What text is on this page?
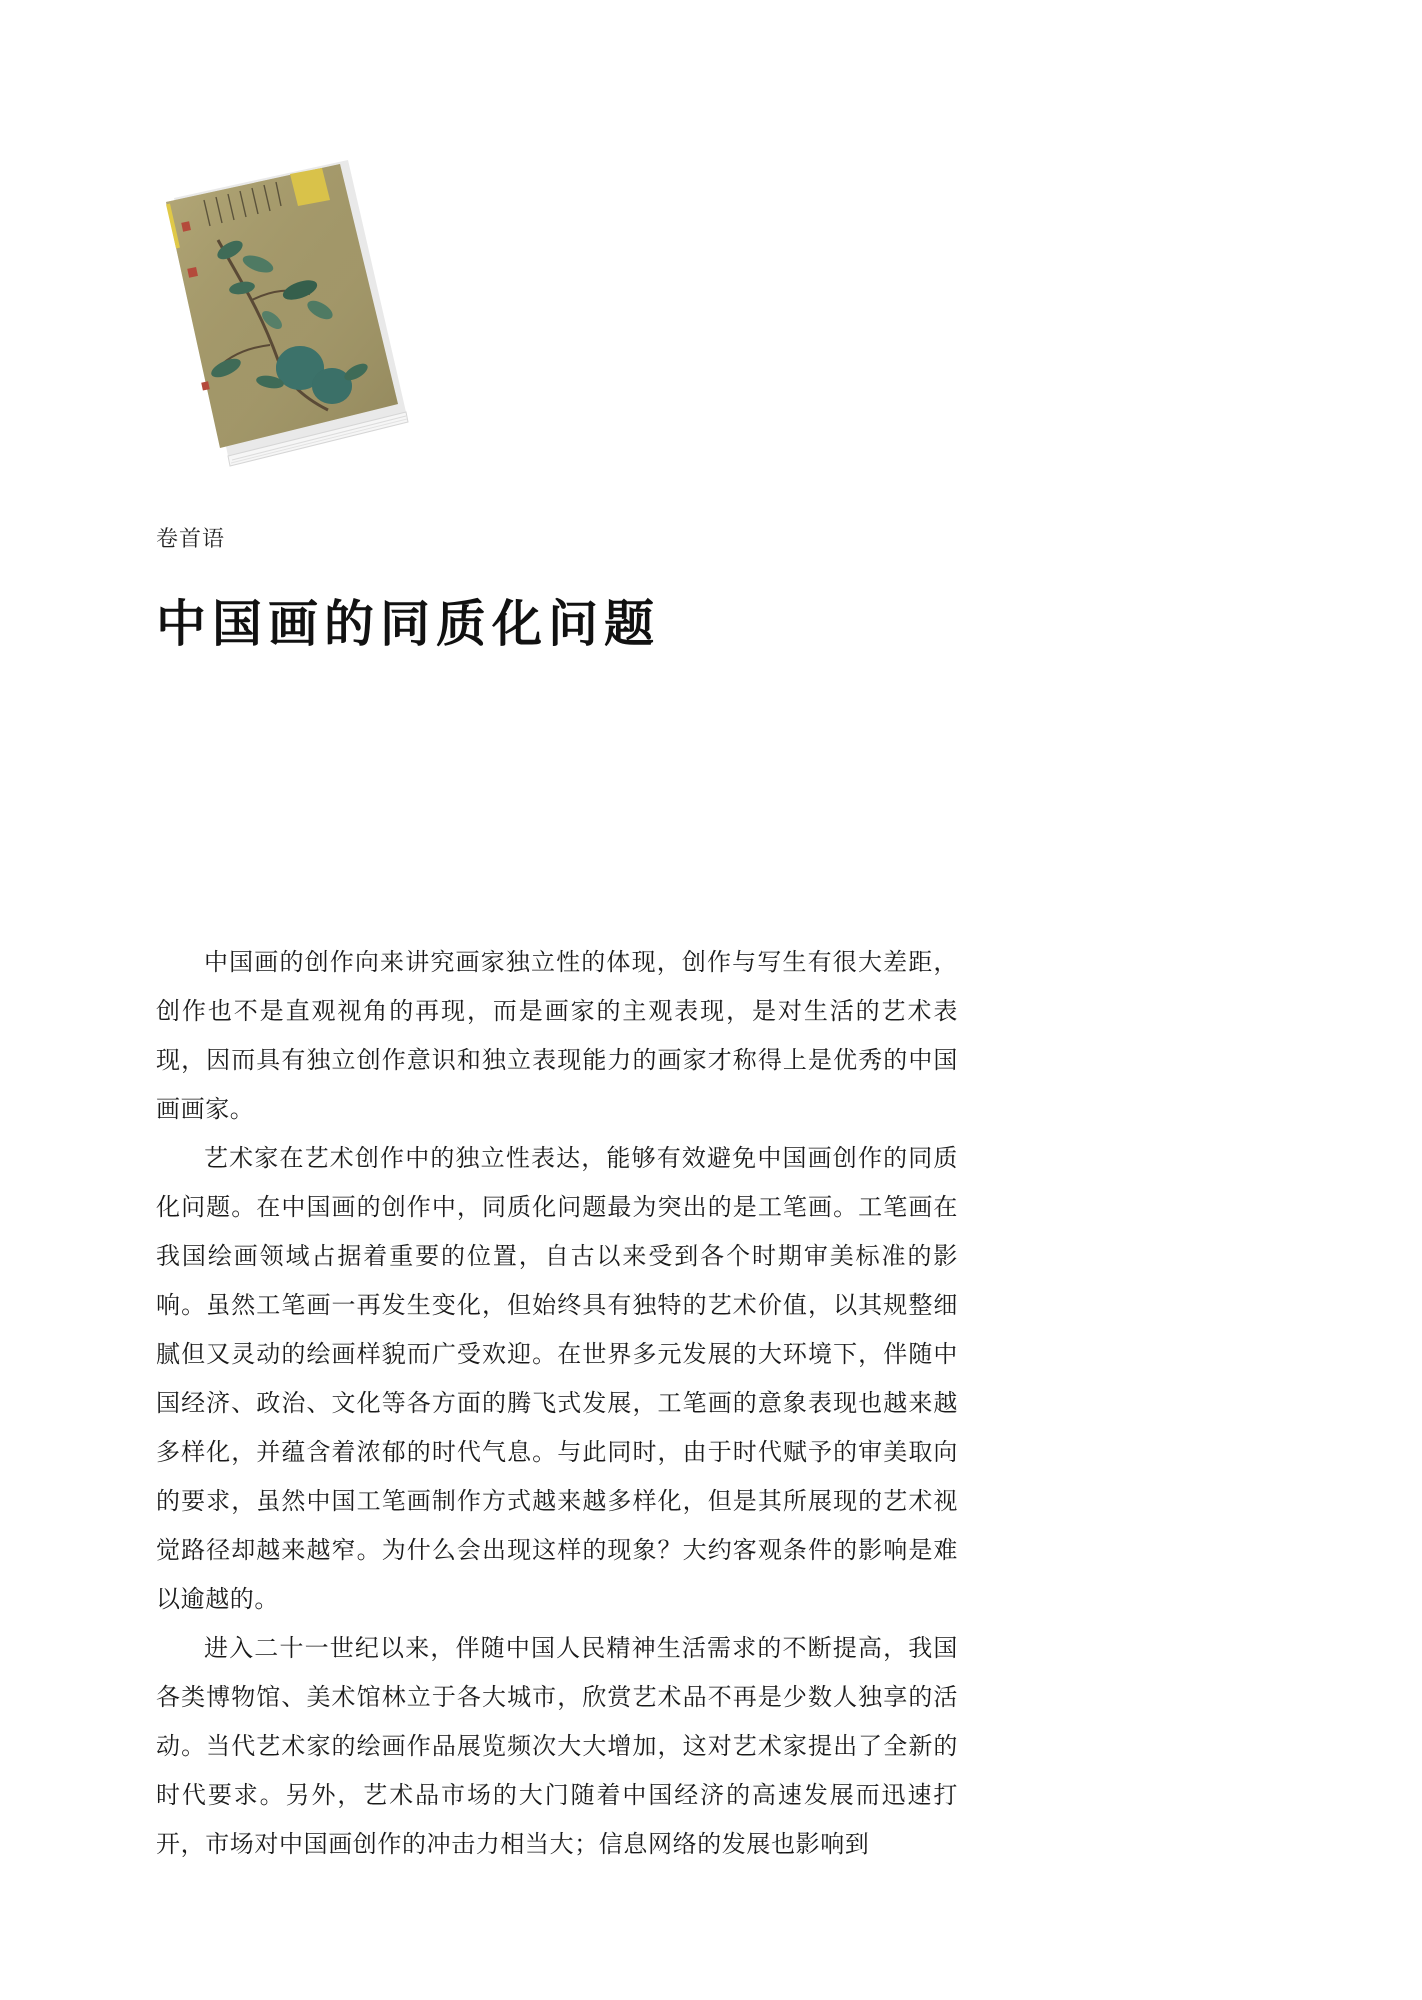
卷首语
中国画的同质化问题

中国画的创作向来讲究画家独立性的体现，创作与写生有很大差距，创作也不是直观视角的再现，而是画家的主观表现，是对生活的艺术表现，因而具有独立创作意识和独立表现能力的画家才称得上是优秀的中国画画家。

艺术家在艺术创作中的独立性表达，能够有效避免中国画创作的同质化问题。在中国画的创作中，同质化问题最为突出的是工笔画。工笔画在我国绘画领域占据着重要的位置，自古以来受到各个时期审美标准的影响。虽然工笔画一再发生变化，但始终具有独特的艺术价值，以其规整细腻但又灵动的绘画样貌而广受欢迎。在世界多元发展的大环境下，伴随中国经济、政治、文化等各方面的腾飞式发展，工笔画的意象表现也越来越多样化，并蕴含着浓郁的时代气息。与此同时，由于时代赋予的审美取向的要求，虽然中国工笔画制作方式越来越多样化，但是其所展现的艺术视觉路径却越来越窄。为什么会出现这样的现象？大约客观条件的影响是难以逾越的。

进入二十一世纪以来，伴随中国人民精神生活需求的不断提高，我国各类博物馆、美术馆林立于各大城市，欣赏艺术品不再是少数人独享的活动。当代艺术家的绘画作品展览频次大大增加，这对艺术家提出了全新的时代要求。另外，艺术品市场的大门随着中国经济的高速发展而迅速打开，市场对中国画创作的冲击力相当大；信息网络的发展也影响到
